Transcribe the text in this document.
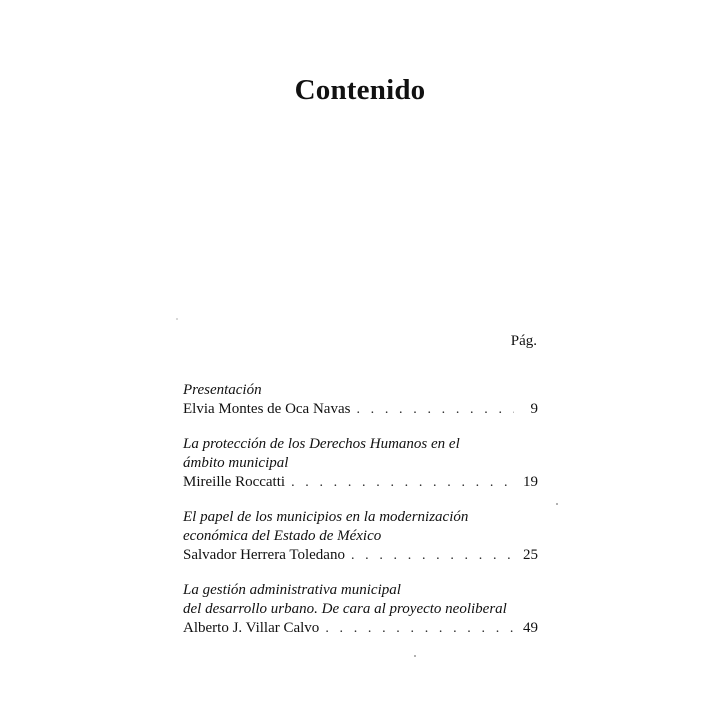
Contenido
Pág.
Presentación
Elvia Montes de Oca Navas . . .	9
La protección de los Derechos Humanos en el
ámbito municipal
Mireille Roccatti . . .	19
El papel de los municipios en la modernización
económica del Estado de México
Salvador Herrera Toledano . . .	25
La gestión administrativa municipal
del desarrollo urbano. De cara al proyecto neoliberal
Alberto J. Villar Calvo . . .	49
